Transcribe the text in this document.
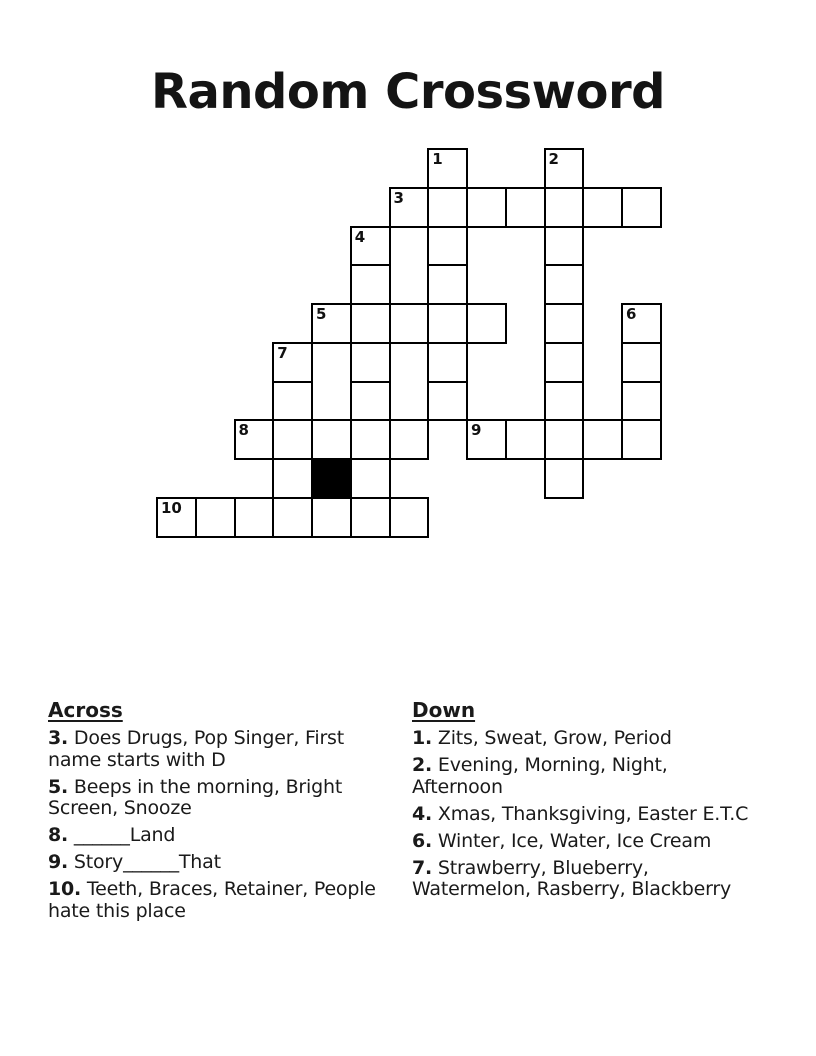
Random Crossword
1	2
3
4
5	6
7
8	9
10

Across

3. Does Drugs, Pop Singer, First name starts with D

5. Beeps in the morning, Bright Screen, Snooze

8. ______Land

9. Story______That

10. Teeth, Braces, Retainer, People hate this place

Down

1. Zits, Sweat, Grow, Period

2. Evening, Morning, Night, Afternoon

4. Xmas, Thanksgiving, Easter E.T.C

6. Winter, Ice, Water, Ice Cream

7. Strawberry, Blueberry, Watermelon, Rasberry, Blackberry
